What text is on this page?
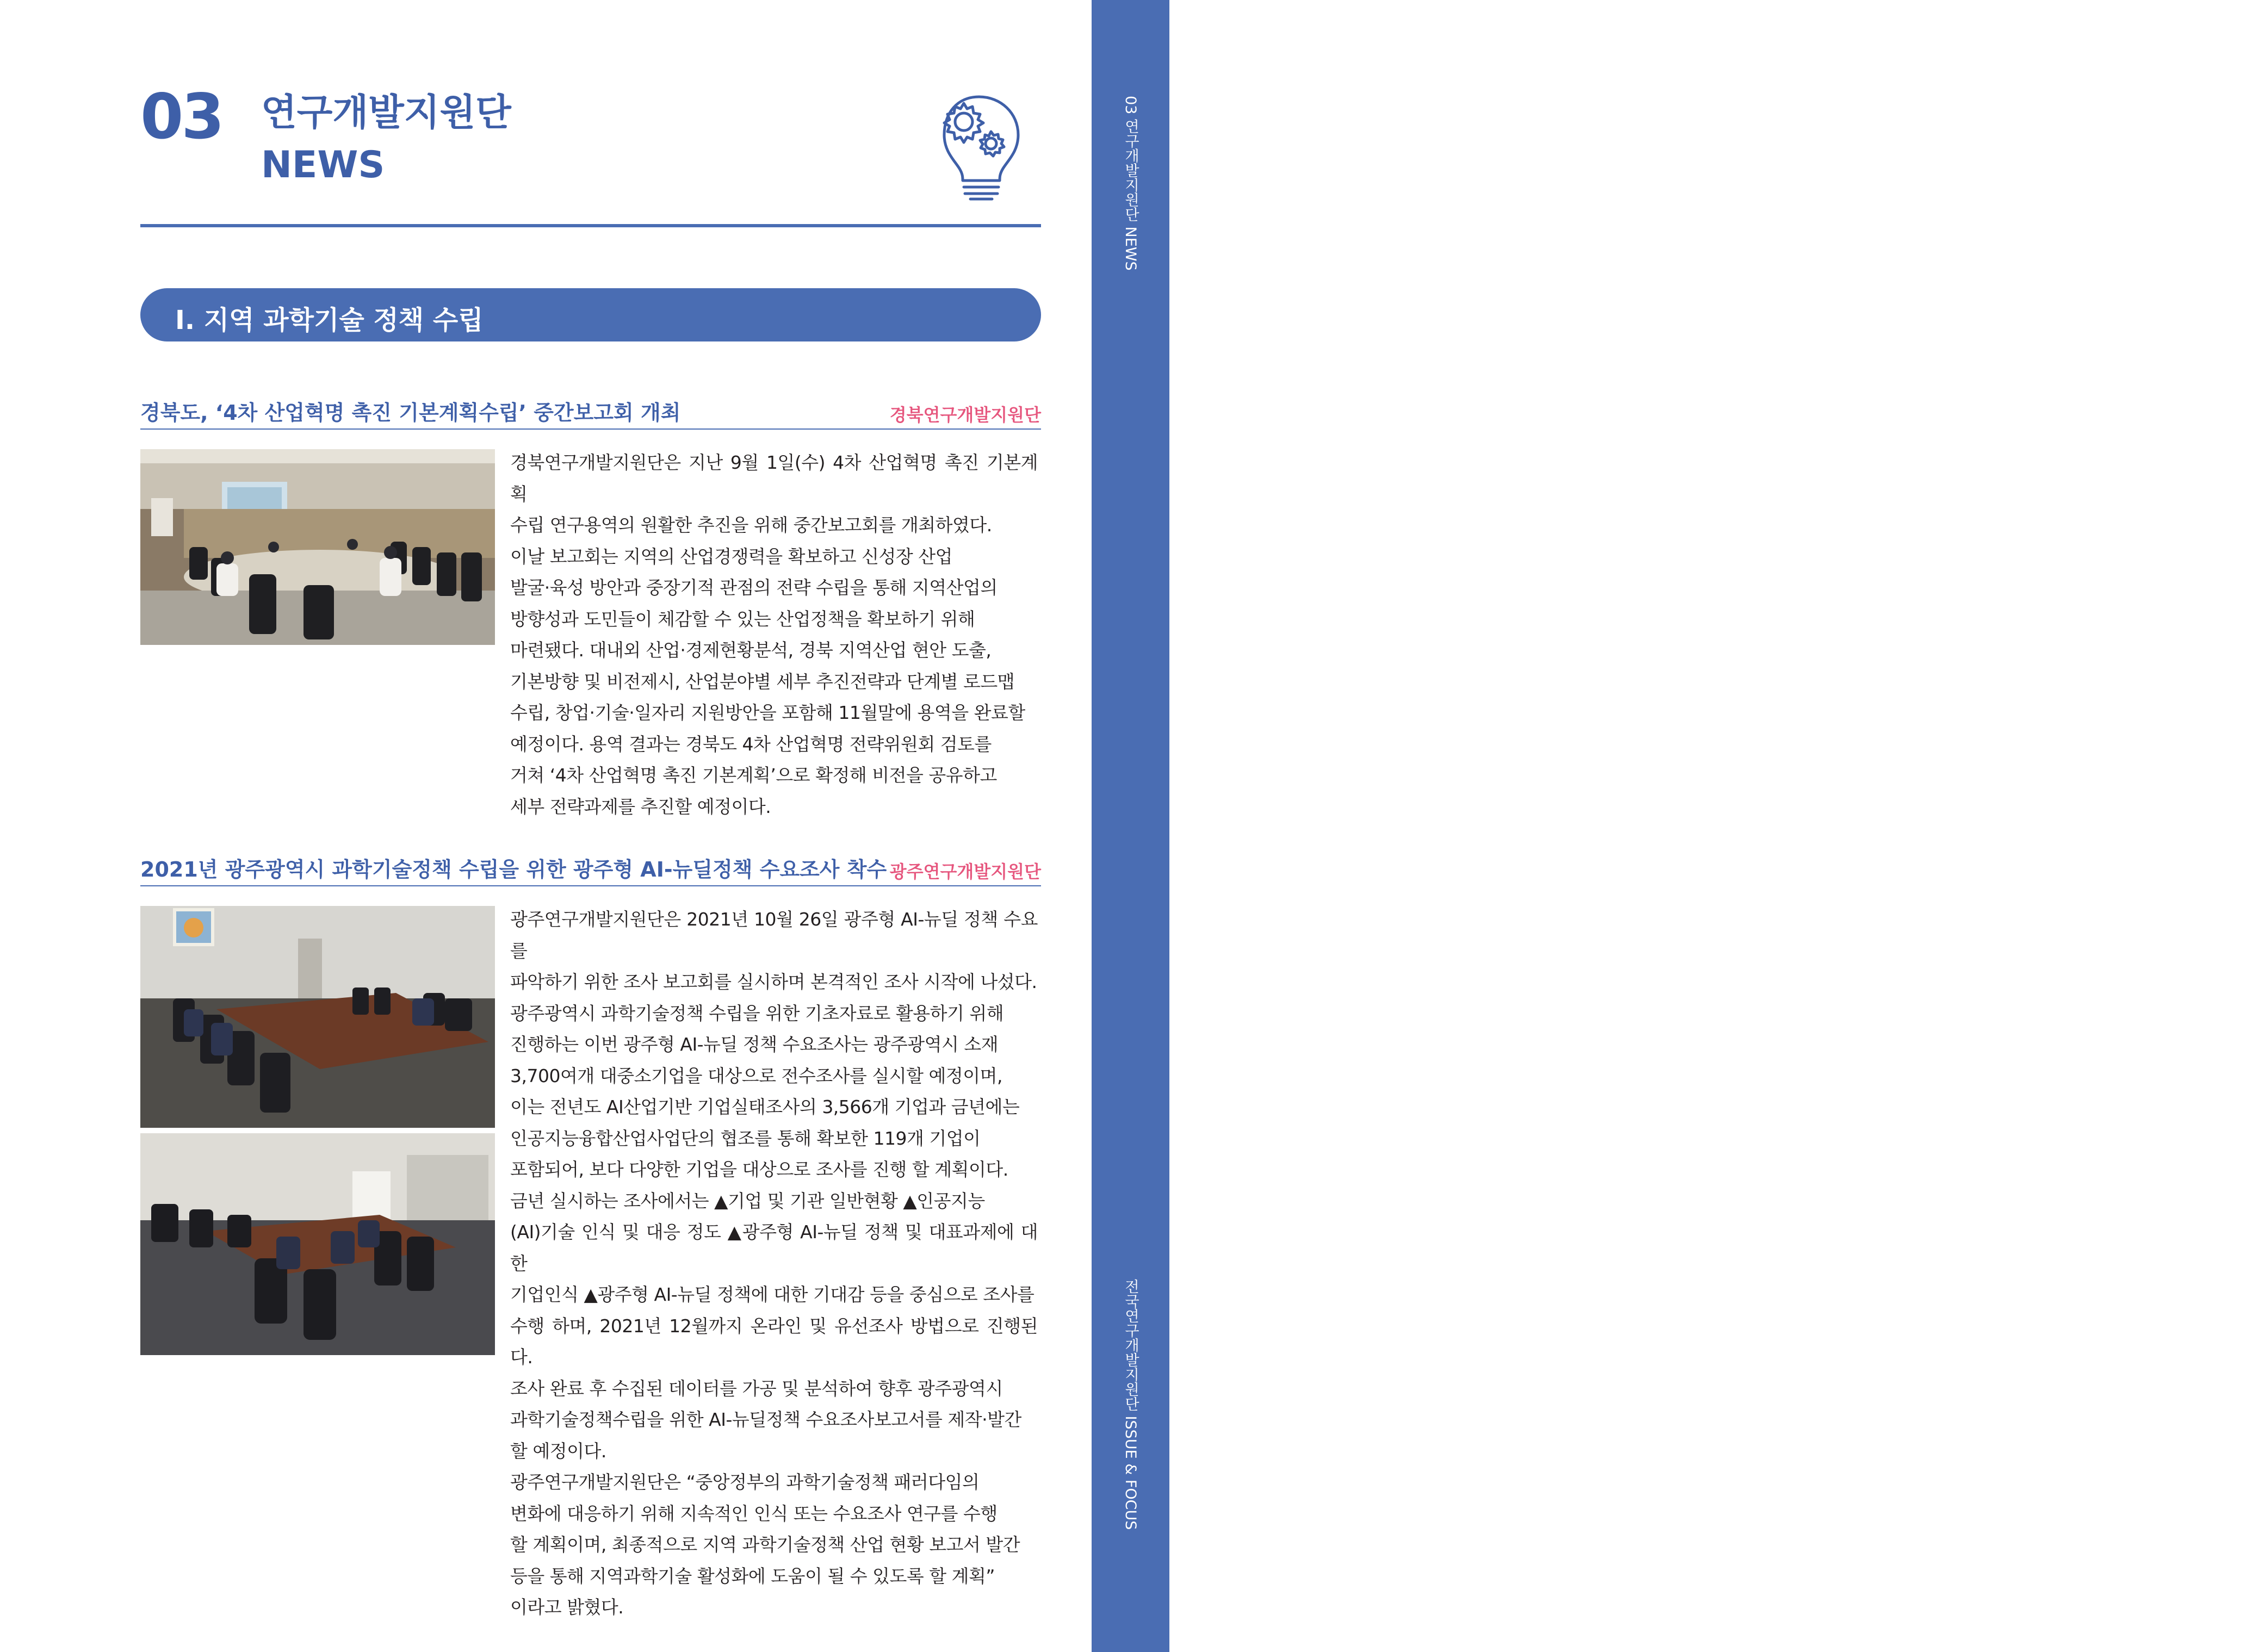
03 연구개발지원단 NEWS
21
전국연구개발지원단 ISSUE & FOCUS
03 연구개발지원단
NEWS
Ⅰ. 지역 과학기술 정책 수립
경북도, ‘4차 산업혁명 촉진 기본계획수립’ 중간보고회 개최	경북연구개발지원단
경북연구개발지원단은 지난 9월 1일(수) 4차 산업혁명 촉진 기본계획
수립 연구용역의 원활한 추진을 위해 중간보고회를 개최하였다.
이날 보고회는 지역의 산업경쟁력을 확보하고 신성장 산업
발굴·육성 방안과 중장기적 관점의 전략 수립을 통해 지역산업의
방향성과 도민들이 체감할 수 있는 산업정책을 확보하기 위해
마련됐다. 대내외 산업·경제현황분석, 경북 지역산업 현안 도출,
기본방향 및 비전제시, 산업분야별 세부 추진전략과 단계별 로드맵
수립, 창업·기술·일자리 지원방안을 포함해 11월말에 용역을 완료할
예정이다. 용역 결과는 경북도 4차 산업혁명 전략위원회 검토를
거쳐 ‘4차 산업혁명 촉진 기본계획’으로 확정해 비전을 공유하고
세부 전략과제를 추진할 예정이다.
2021년 광주광역시 과학기술정책 수립을 위한 광주형 AI-뉴딜정책 수요조사 착수 광주연구개발지원단
광주연구개발지원단은 2021년 10월 26일 광주형 AI-뉴딜 정책 수요를
파악하기 위한 조사 보고회를 실시하며 본격적인 조사 시작에 나섰다.
광주광역시 과학기술정책 수립을 위한 기초자료로 활용하기 위해
진행하는 이번 광주형 AI-뉴딜 정책 수요조사는 광주광역시 소재
3,700여개 대중소기업을 대상으로 전수조사를 실시할 예정이며,
이는 전년도 AI산업기반 기업실태조사의 3,566개 기업과 금년에는
인공지능융합산업사업단의 협조를 통해 확보한 119개 기업이
포함되어, 보다 다양한 기업을 대상으로 조사를 진행 할 계획이다.
금년 실시하는 조사에서는 ▲기업 및 기관 일반현황 ▲인공지능
(AI)기술 인식 및 대응 정도 ▲광주형 AI-뉴딜 정책 및 대표과제에 대한
기업인식 ▲광주형 AI-뉴딜 정책에 대한 기대감 등을 중심으로 조사를
수행 하며, 2021년 12월까지 온라인 및 유선조사 방법으로 진행된다.
조사 완료 후 수집된 데이터를 가공 및 분석하여 향후 광주광역시
과학기술정책수립을 위한 AI-뉴딜정책 수요조사보고서를 제작·발간
할 예정이다.
광주연구개발지원단은 “중앙정부의 과학기술정책 패러다임의
변화에 대응하기 위해 지속적인 인식 또는 수요조사 연구를 수행
할 계획이며, 최종적으로 지역 과학기술정책 산업 현황 보고서 발간
등을 통해 지역과학기술 활성화에 도움이 될 수 있도록 할 계획”
이라고 밝혔다.
